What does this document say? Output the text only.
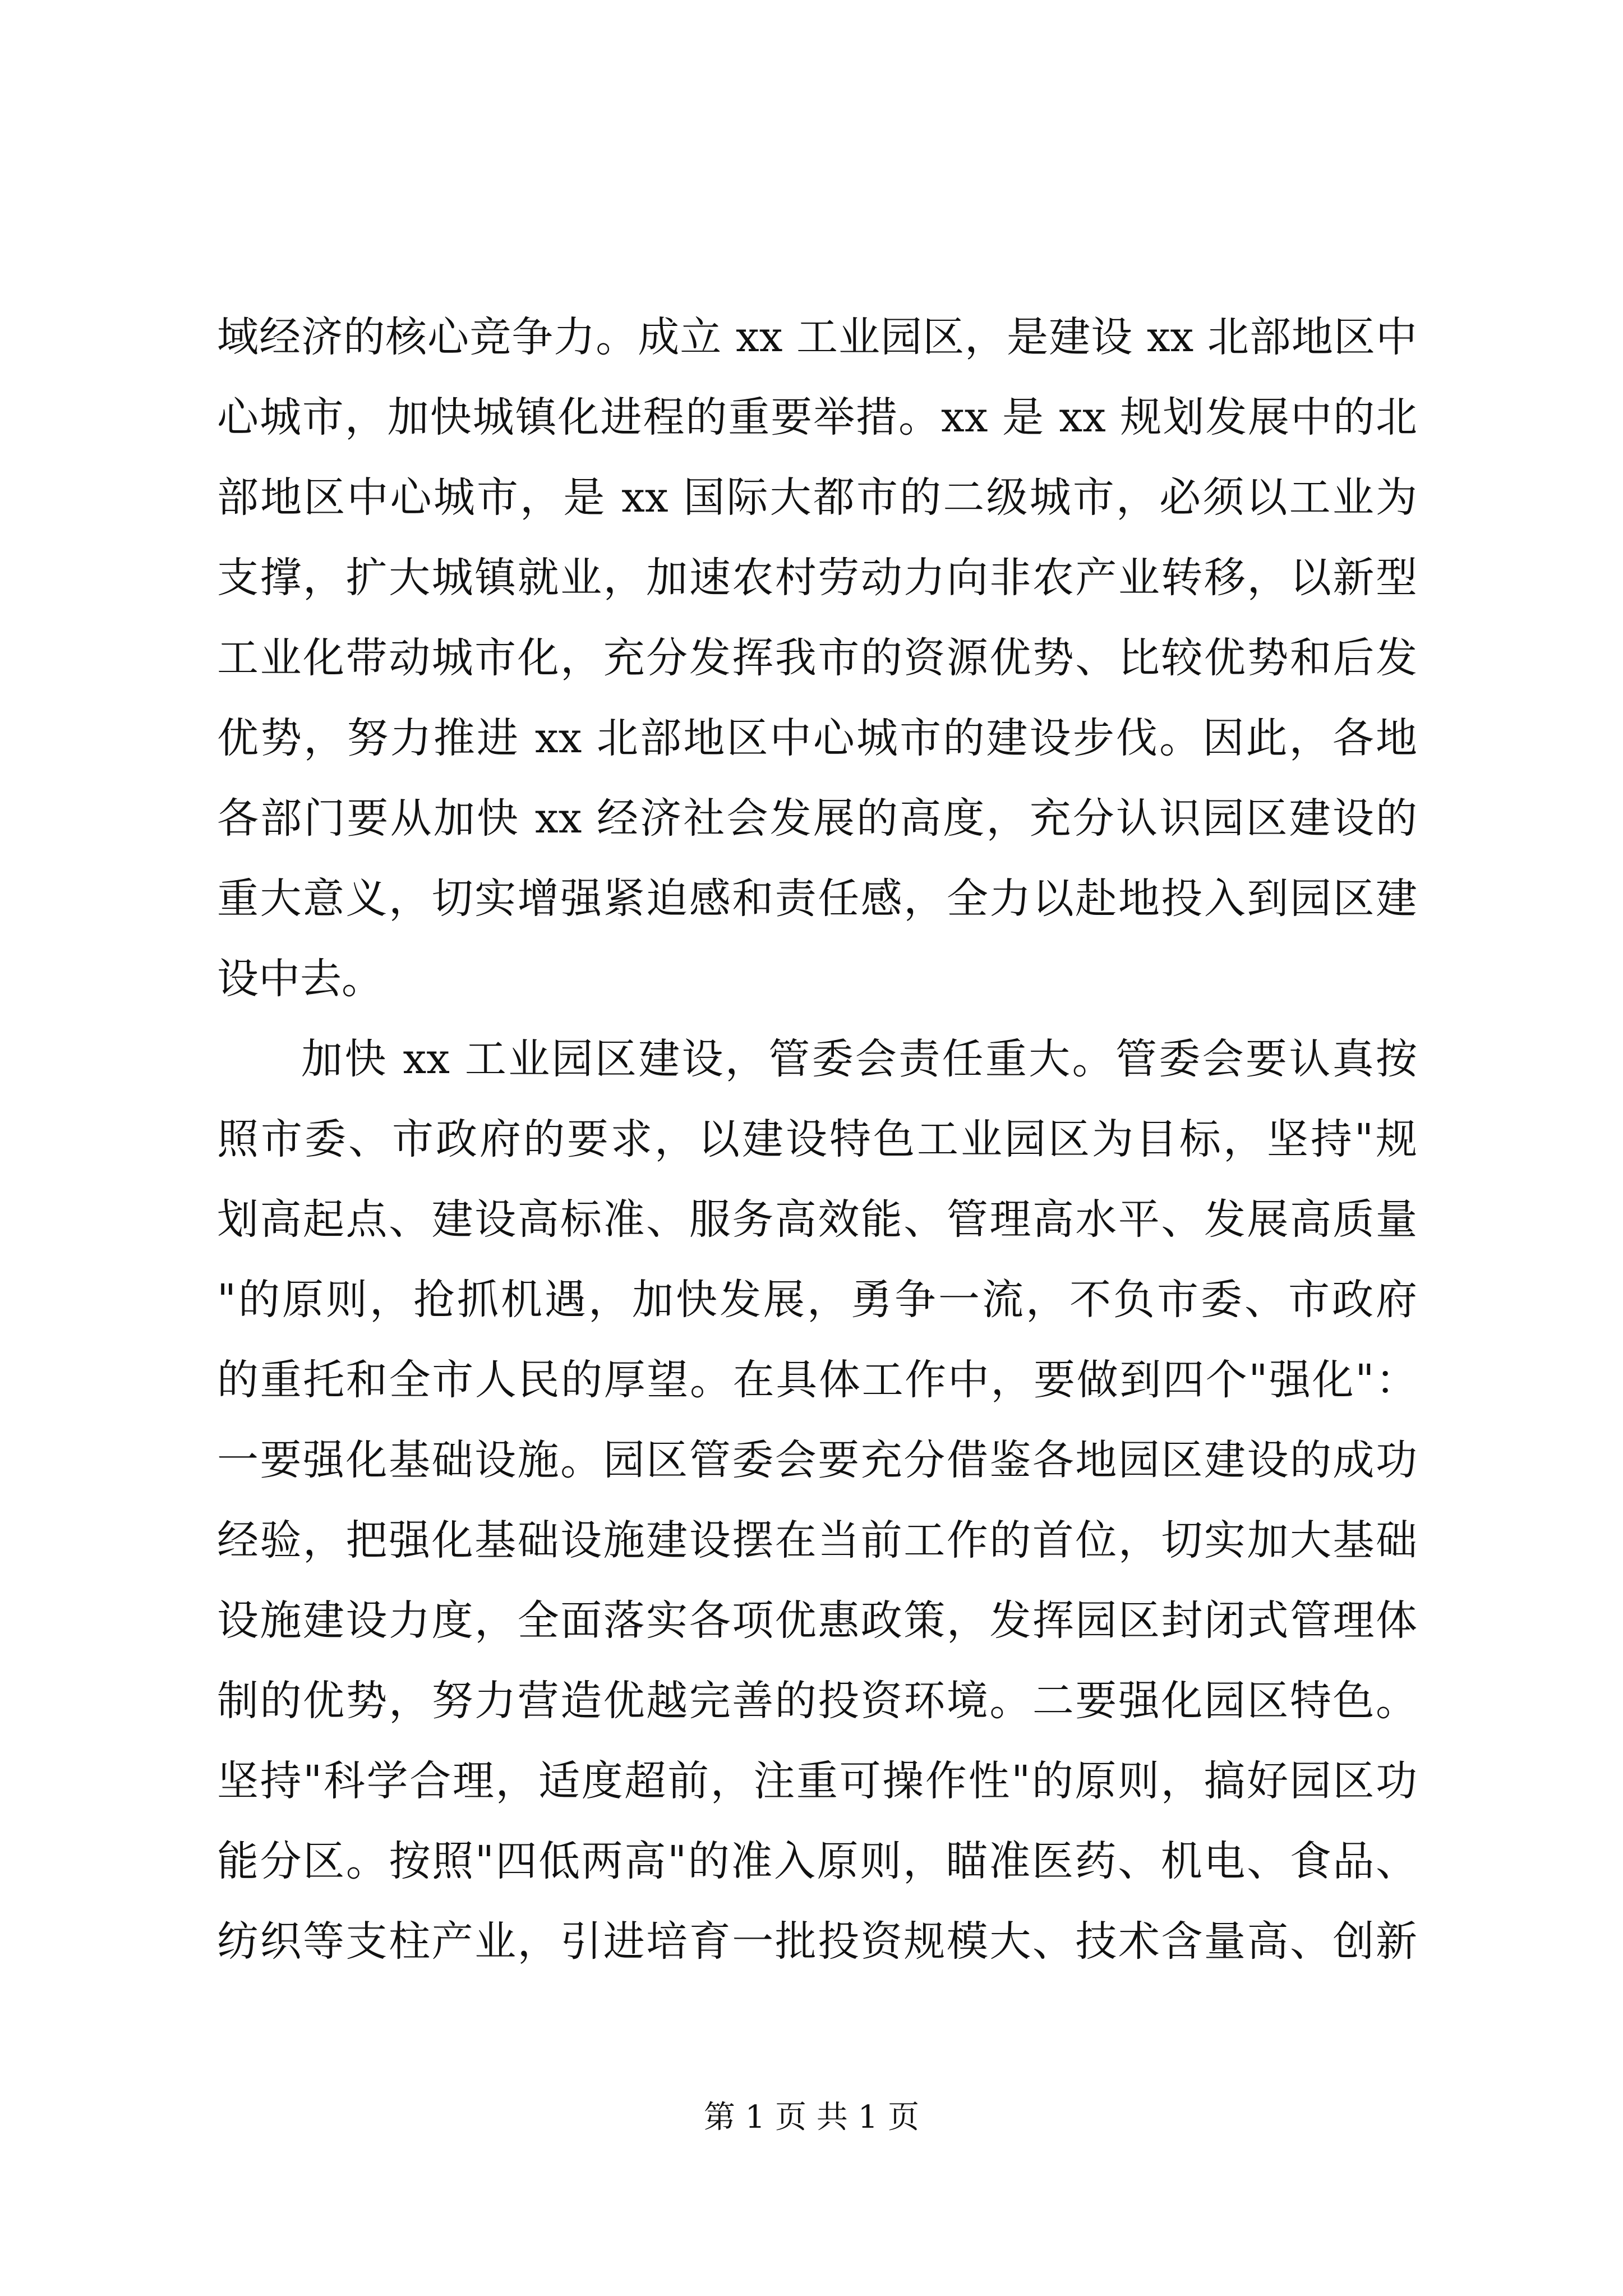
域经济的核心竞争力。成立 xx 工业园区，是建设 xx 北部地区中
心城市，加快城镇化进程的重要举措。xx 是 xx 规划发展中的北
部地区中心城市，是 xx 国际大都市的二级城市，必须以工业为
支撑，扩大城镇就业，加速农村劳动力向非农产业转移，以新型
工业化带动城市化，充分发挥我市的资源优势、比较优势和后发
优势，努力推进 xx 北部地区中心城市的建设步伐。因此，各地
各部门要从加快 xx 经济社会发展的高度，充分认识园区建设的
重大意义，切实增强紧迫感和责任感，全力以赴地投入到园区建
设中去。
加快 xx 工业园区建设，管委会责任重大。管委会要认真按
照市委、市政府的要求，以建设特色工业园区为目标，坚持"规
划高起点、建设高标准、服务高效能、管理高水平、发展高质量
"的原则，抢抓机遇，加快发展，勇争一流，不负市委、市政府
的重托和全市人民的厚望。在具体工作中，要做到四个"强化"：
一要强化基础设施。园区管委会要充分借鉴各地园区建设的成功
经验，把强化基础设施建设摆在当前工作的首位，切实加大基础
设施建设力度，全面落实各项优惠政策，发挥园区封闭式管理体
制的优势，努力营造优越完善的投资环境。二要强化园区特色。
坚持"科学合理，适度超前，注重可操作性"的原则，搞好园区功
能分区。按照"四低两高"的准入原则，瞄准医药、机电、食品、
纺织等支柱产业，引进培育一批投资规模大、技术含量高、创新
第 1 页 共 1 页
